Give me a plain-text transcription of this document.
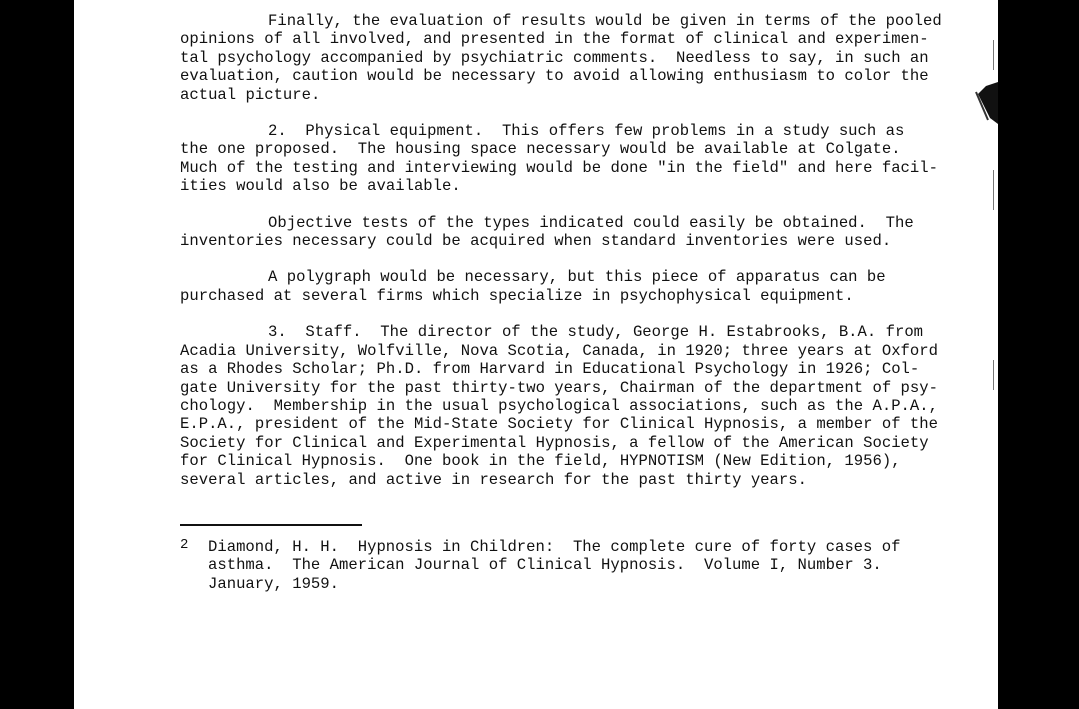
Finally, the evaluation of results would be given in terms of the pooled
opinions of all involved, and presented in the format of clinical and experimen-
tal psychology accompanied by psychiatric comments.  Needless to say, in such an
evaluation, caution would be necessary to avoid allowing enthusiasm to color the
actual picture.
2.  Physical equipment.  This offers few problems in a study such as
the one proposed.  The housing space necessary would be available at Colgate.
Much of the testing and interviewing would be done "in the field" and here facil-
ities would also be available.
Objective tests of the types indicated could easily be obtained.  The
inventories necessary could be acquired when standard inventories were used.
A polygraph would be necessary, but this piece of apparatus can be
purchased at several firms which specialize in psychophysical equipment.
3.  Staff.  The director of the study, George H. Estabrooks, B.A. from
Acadia University, Wolfville, Nova Scotia, Canada, in 1920; three years at Oxford
as a Rhodes Scholar; Ph.D. from Harvard in Educational Psychology in 1926; Col-
gate University for the past thirty-two years, Chairman of the department of psy-
chology.  Membership in the usual psychological associations, such as the A.P.A.,
E.P.A., president of the Mid-State Society for Clinical Hypnosis, a member of the
Society for Clinical and Experimental Hypnosis, a fellow of the American Society
for Clinical Hypnosis.  One book in the field, HYPNOTISM (New Edition, 1956),
several articles, and active in research for the past thirty years.
2 Diamond, H. H.  Hypnosis in Children:  The complete cure of forty cases of
asthma.  The American Journal of Clinical Hypnosis.  Volume I, Number 3.
January, 1959.
